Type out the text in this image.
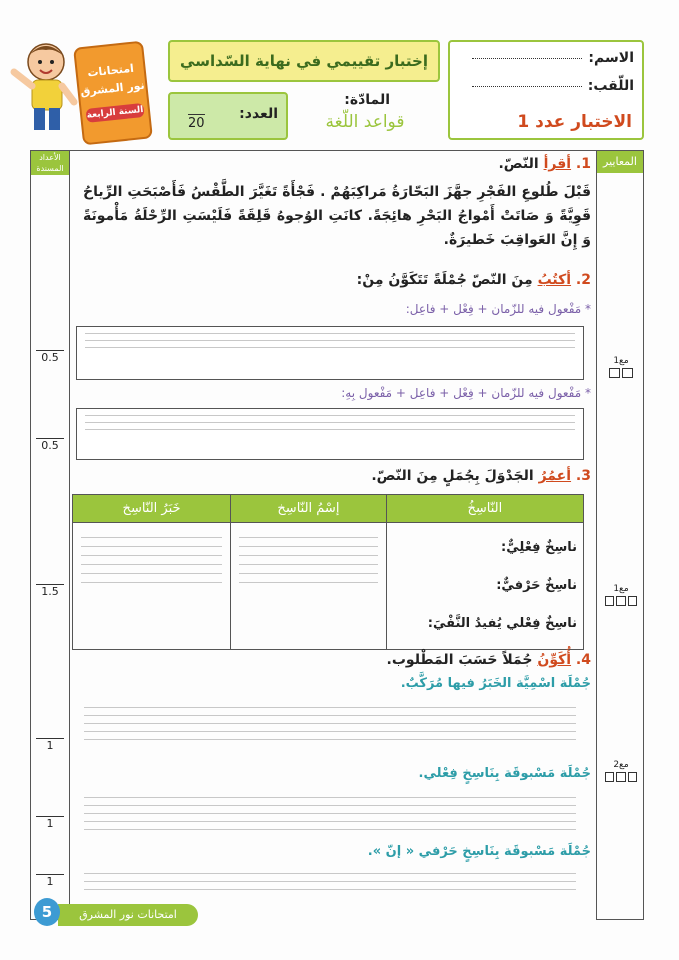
امتحانات
نور المشرق
السنة الرابعة
إختبار تقييمي في نهاية السّداسي
المادّة:
قواعد اللّغة
العدد:
20
الاسم:
اللّقب:
الاختبار عدد 1
المعايير
الأعداد المسندة	1. أقرأ النّصّ.
قَبْلَ طُلوعِ الفَجْرِ جهَّزَ البَحّارَةُ مَراكِبَهُمْ . فَجْأَةً تَغَيَّرَ الطَّقْسُ فَأَصْبَحَتِ الرِّياحُ قَوِيَّةً وَ صَاتَتْ أَمْواجُ البَحْرِ هائِجَةً. كانَتِ الوُجوهُ قَلِقَةً فَلَيْسَتِ الرِّحْلَةُ مَأْمونَةً وَ إِنَّ العَواقِبَ خَطيرَةٌ.
2. أكتُبُ مِنَ النّصّ جُمْلَةً تَتَكَوَّنُ مِنْ:
* مَفْعول فيه للزّمان + فِعْل + فاعِل:
* مَفْعول فيه للزّمان + فِعْل + فاعِل + مَفْعول بِهِ:
3. أعمُرُ الجَدْوَلَ بِجُمَلٍ مِنَ النّصّ.
النّاسِخُ	إسْمُ النّاسِخ	خَبَرُ النّاسِخ

ناسِخٌ فِعْلِيٌّ:
ناسِخٌ حَرْفيٌّ:
ناسِخٌ فِعْلي يُفيدُ النَّفْيَ:		

4. أُكَوِّنُ جُمَلاً حَسَبَ المَطْلوب.
جُمْلَة اسْمِيَّة الخَبَرُ فيها مُرَكَّبٌ.
جُمْلَة مَسْبوقَة بِنَاسِخٍ فِعْلي.
جُمْلَة مَسْبوقَة بِنَاسِخٍ حَرْفي « إنّ ».
0.5
0.5
1.5
1
1
1
مع1
مع1
مع2
امتحانات نور المشرق
5
